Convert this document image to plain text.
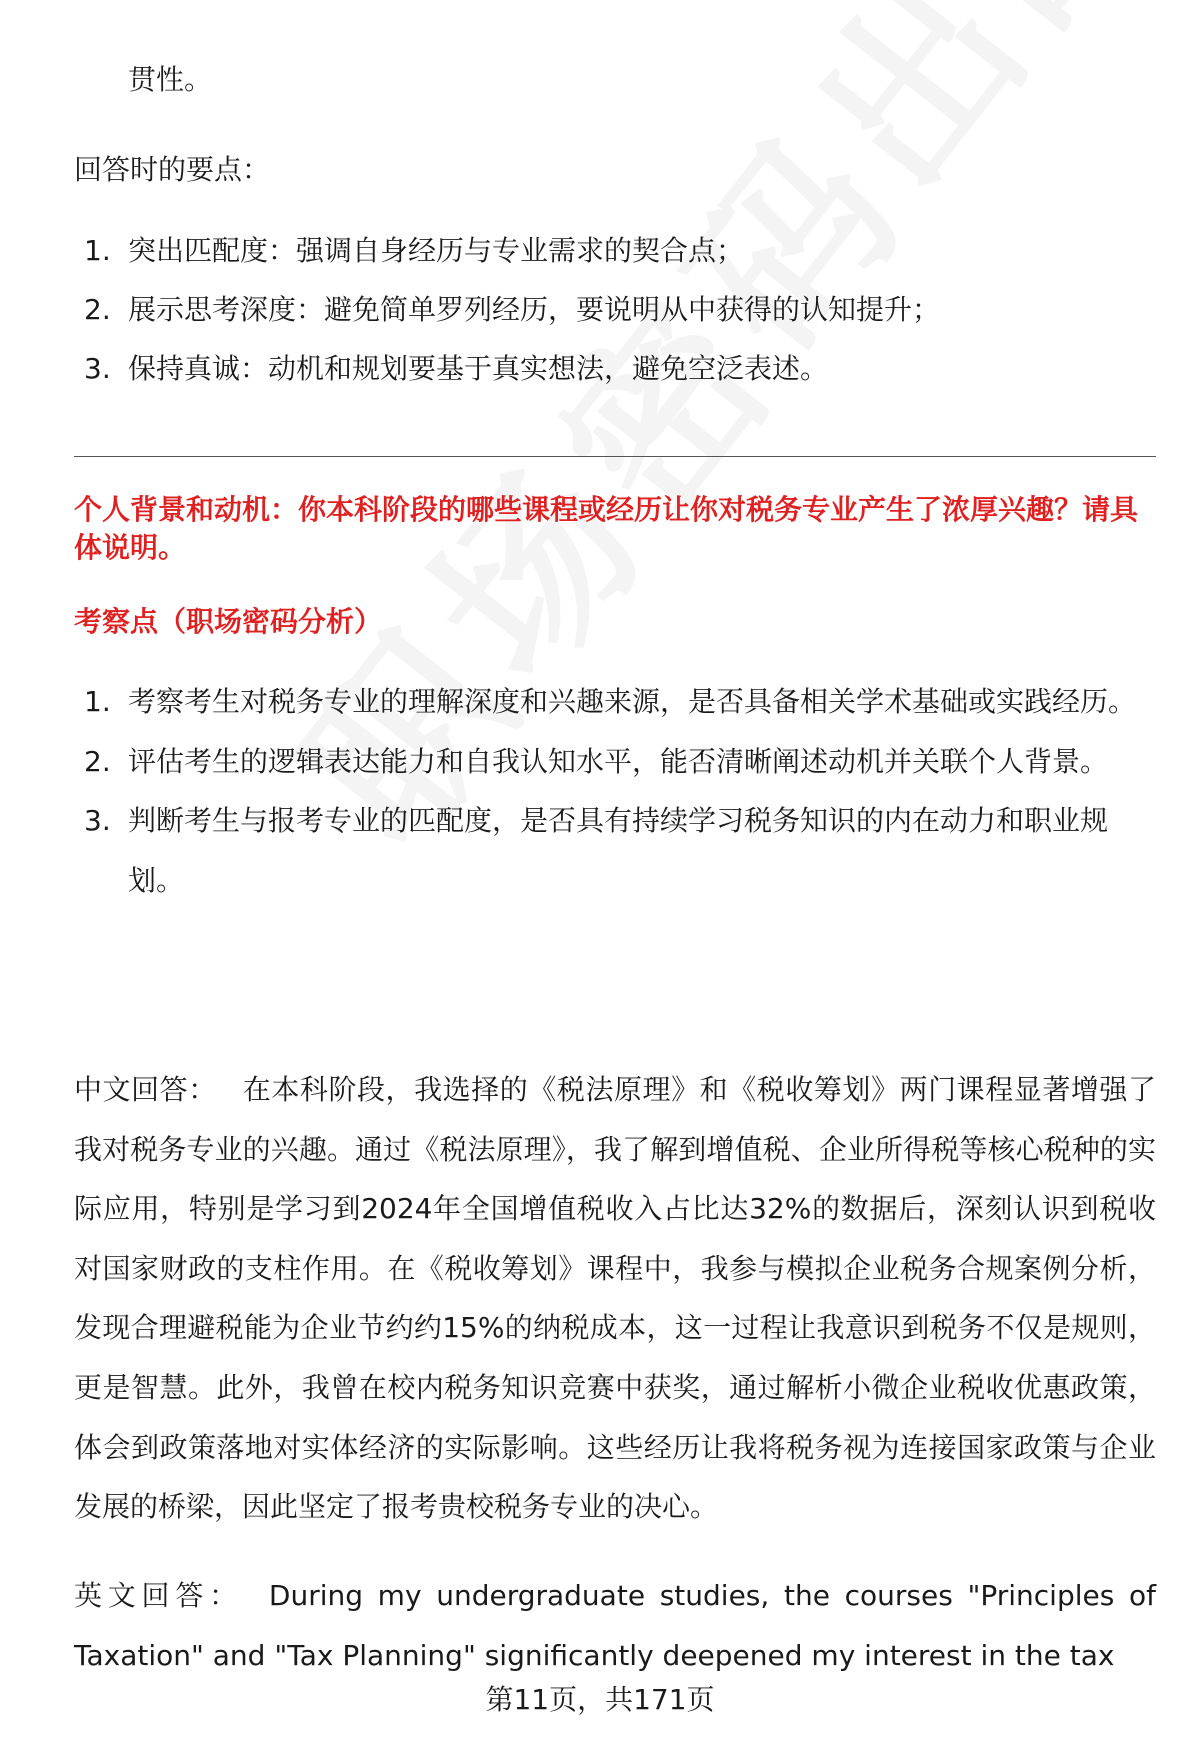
贯性。

回答时的要点：
1. 突出匹配度：强调自身经历与专业需求的契合点；
2. 展示思考深度：避免简单罗列经历，要说明从中获得的认知提升；
3. 保持真诚：动机和规划要基于真实想法，避免空泛表述。
个人背景和动机：你本科阶段的哪些课程或经历让你对税务专业产生了浓厚兴趣？请具体说明。
考察点（职场密码分析）
1. 考察考生对税务专业的理解深度和兴趣来源，是否具备相关学术基础或实践经历。
2. 评估考生的逻辑表达能力和自我认知水平，能否清晰阐述动机并关联个人背景。
3. 判断考生与报考专业的匹配度，是否具有持续学习税务知识的内在动力和职业规划。
中文回答： 在本科阶段，我选择的《税法原理》和《税收筹划》两门课程显著增强了我对税务专业的兴趣。通过《税法原理》，我了解到增值税、企业所得税等核心税种的实际应用，特别是学习到2024年全国增值税收入占比达32%的数据后，深刻认识到税收对国家财政的支柱作用。在《税收筹划》课程中，我参与模拟企业税务合规案例分析，发现合理避税能为企业节约约15%的纳税成本，这一过程让我意识到税务不仅是规则，更是智慧。此外，我曾在校内税务知识竞赛中获奖，通过解析小微企业税收优惠政策，体会到政策落地对实体经济的实际影响。这些经历让我将税务视为连接国家政策与企业发展的桥梁，因此坚定了报考贵校税务专业的决心。
英文回答： During my undergraduate studies, the courses "Principles of Taxation" and "Tax Planning" significantly deepened my interest in the tax
第11页，共171页
